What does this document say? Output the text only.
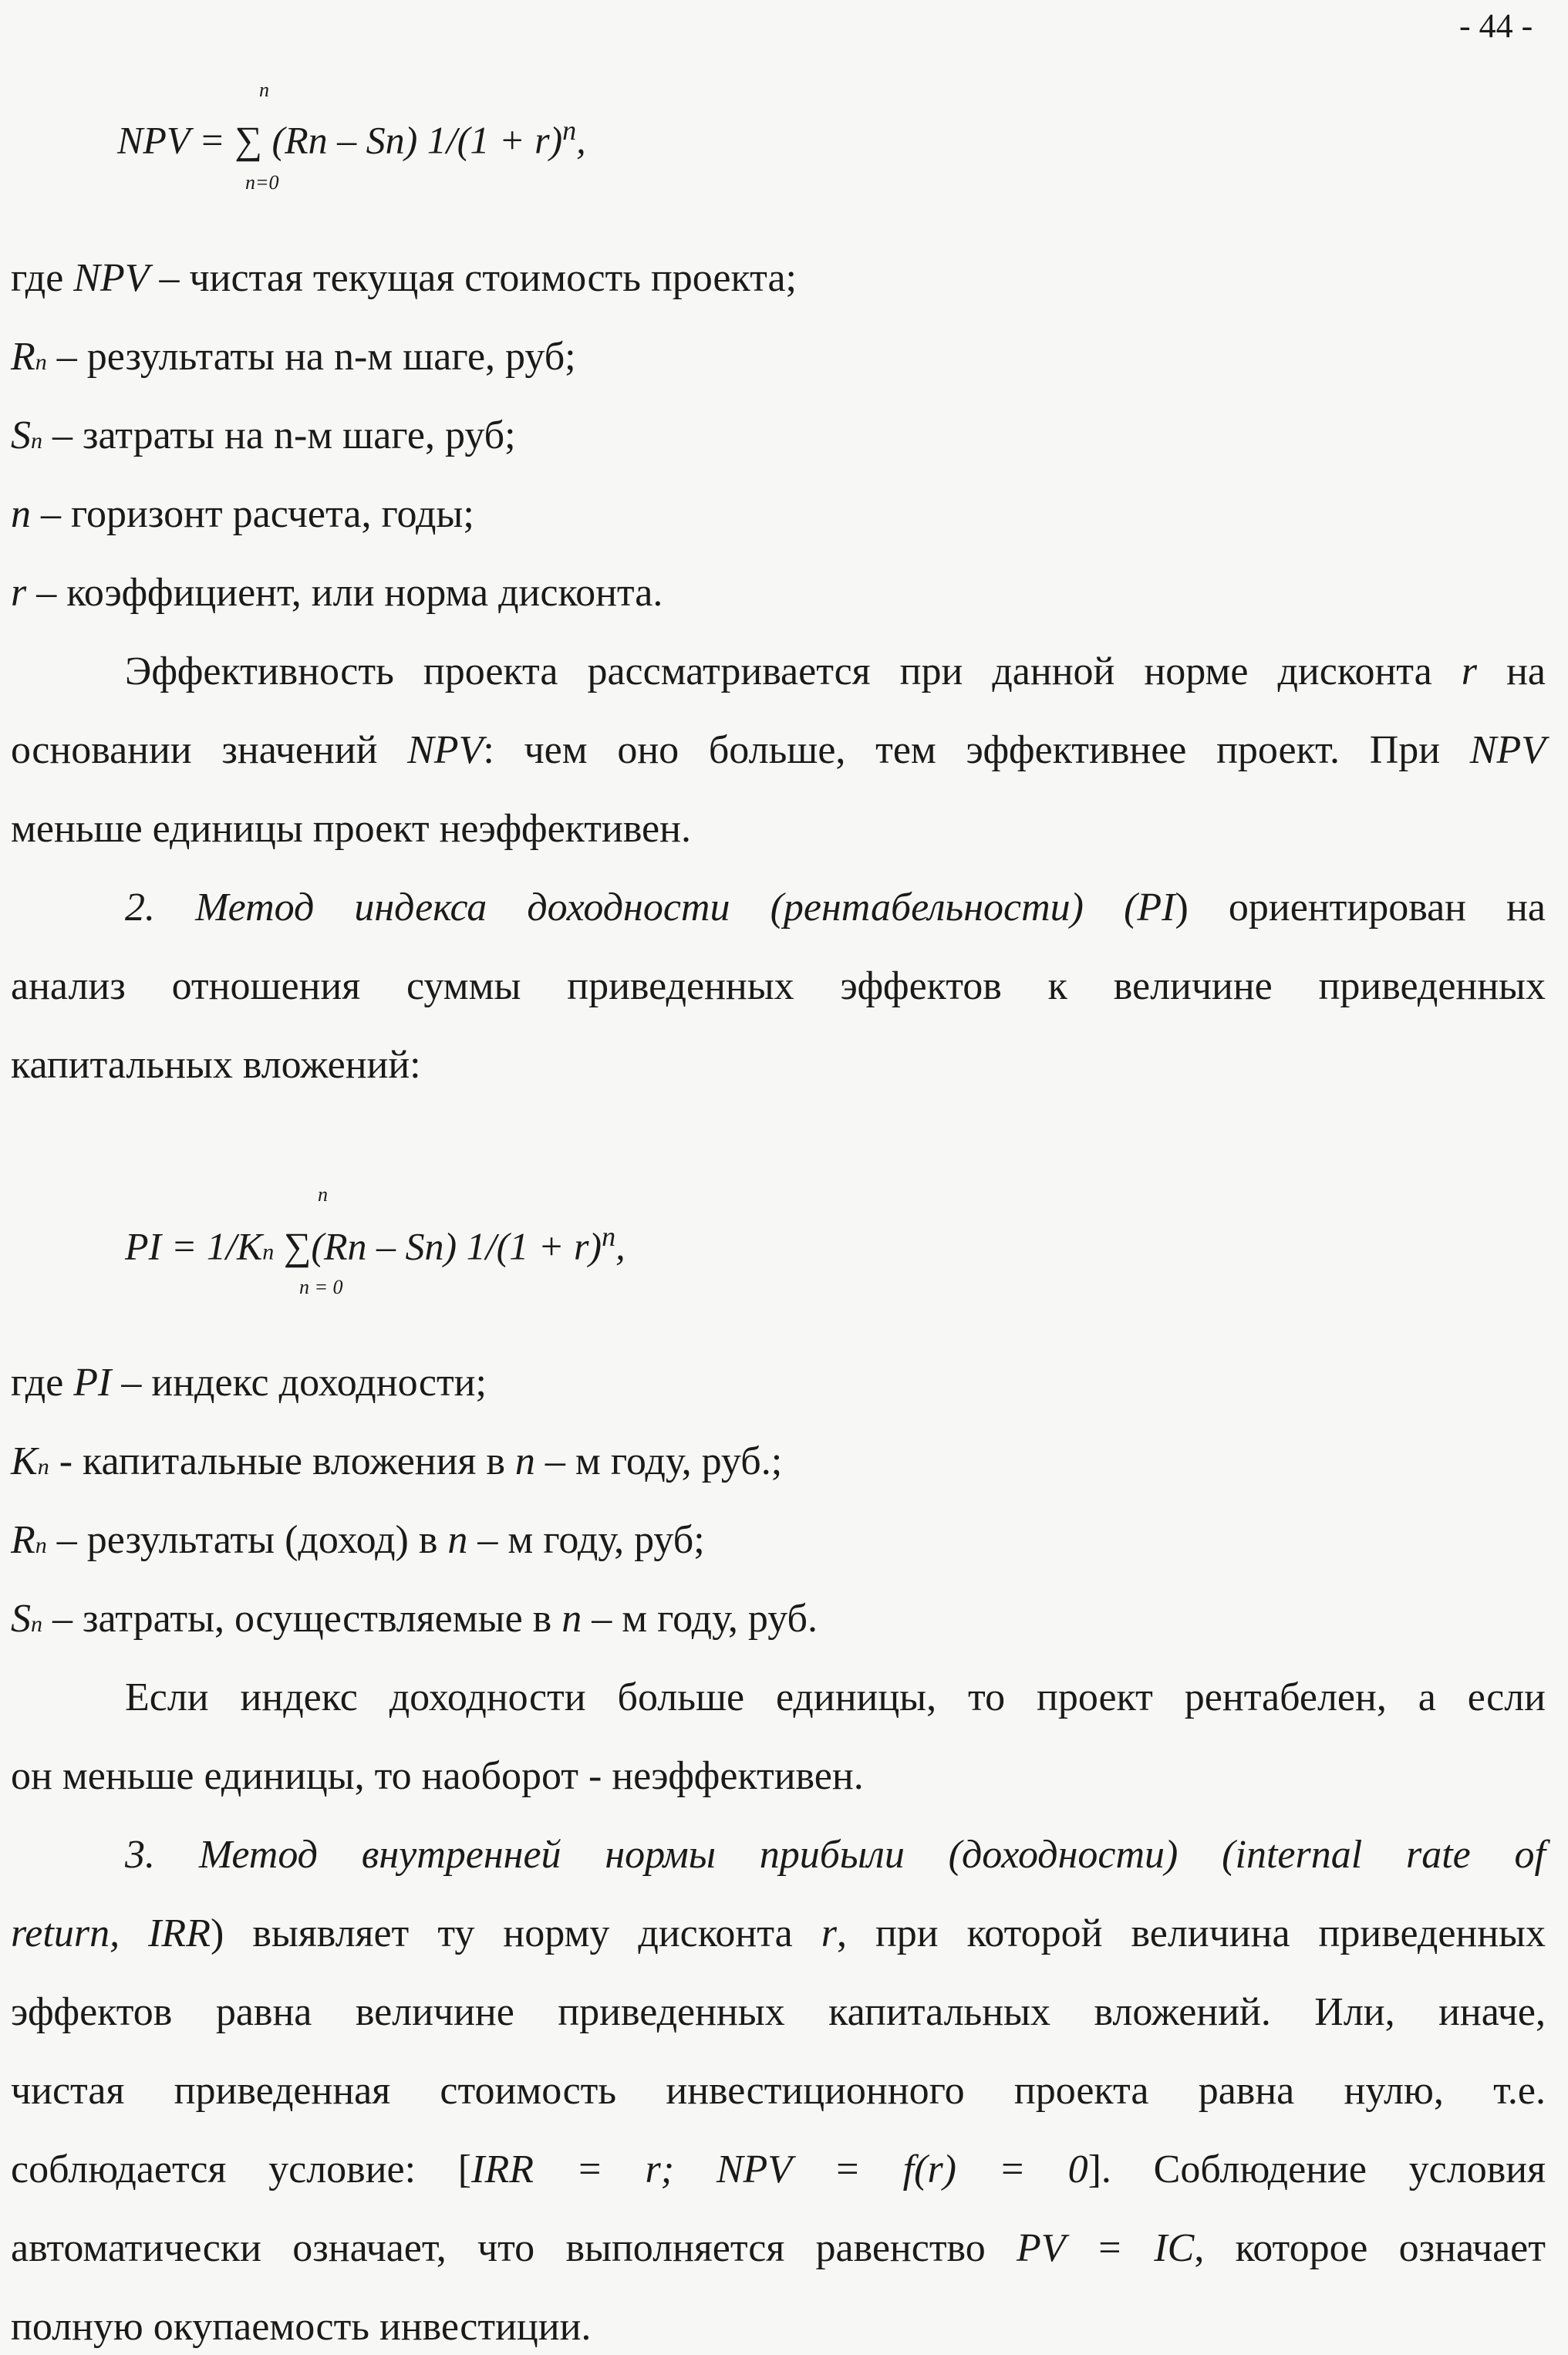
- 44 -
n
NPV = ∑ (Rn – Sn) $1/(1 + r)^n$,
n=0
где NPV – чистая текущая стоимость проекта;
Rn – результаты на n-м шаге, руб;
Sn – затраты на n-м шаге, руб;
n – горизонт расчета, годы;
r – коэффициент, или норма дисконта.
Эффективность проекта рассматривается при данной норме дисконта r на
основании значений NPV: чем оно больше, тем эффективнее проект. При NPV
меньше единицы проект неэффективен.
2. Метод индекса доходности (рентабельности) (PI) ориентирован на
анализ отношения суммы приведенных эффектов к величине приведенных
капитальных вложений:
n
PI = 1/Kn ∑(Rn – Sn) $1/(1 + r)^n$,
n = 0
где PI – индекс доходности;
Kn - капитальные вложения в n – м году, руб.;
Rn – результаты (доход) в n – м году, руб;
Sn – затраты, осуществляемые в n – м году, руб.
Если индекс доходности больше единицы, то проект рентабелен, а если
он меньше единицы, то наоборот - неэффективен.
3. Метод внутренней нормы прибыли (доходности) (internal rate of
return, IRR) выявляет ту норму дисконта r, при которой величина приведенных
эффектов равна величине приведенных капитальных вложений. Или, иначе,
чистая приведенная стоимость инвестиционного проекта равна нулю, т.е.
соблюдается условие: [IRR = r; NPV = f(r) = 0]. Соблюдение условия
автоматически означает, что выполняется равенство PV = IC, которое означает
полную окупаемость инвестиции.
